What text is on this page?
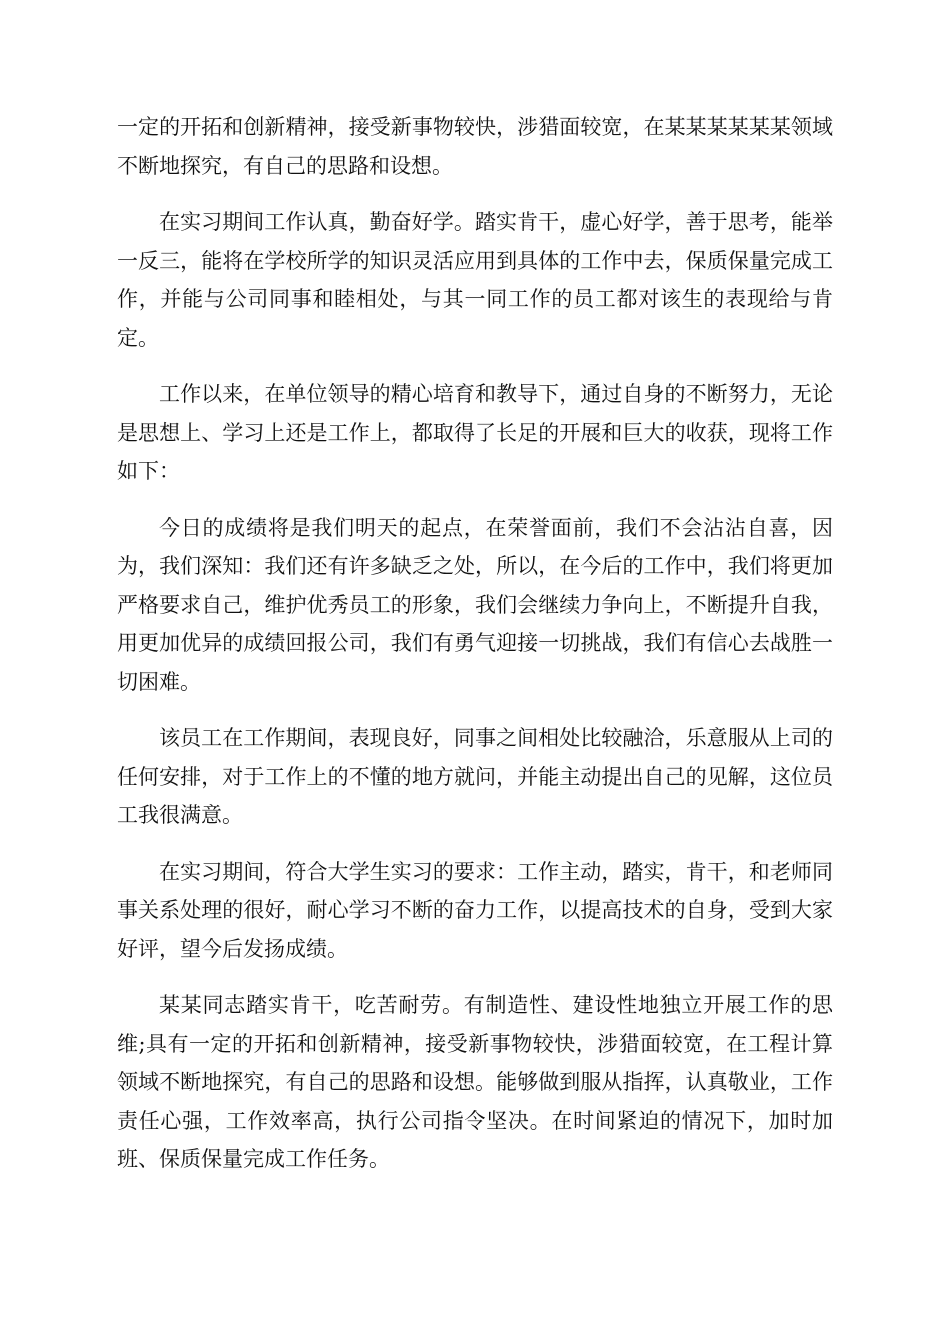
一定的开拓和创新精神，接受新事物较快，涉猎面较宽，在某某某某某某领域不断地探究，有自己的思路和设想。

在实习期间工作认真，勤奋好学。踏实肯干，虚心好学，善于思考，能举一反三，能将在学校所学的知识灵活应用到具体的工作中去，保质保量完成工作，并能与公司同事和睦相处，与其一同工作的员工都对该生的表现给与肯定。

工作以来，在单位领导的精心培育和教导下，通过自身的不断努力，无论是思想上、学习上还是工作上，都取得了长足的开展和巨大的收获，现将工作如下：

今日的成绩将是我们明天的起点，在荣誉面前，我们不会沾沾自喜，因为，我们深知：我们还有许多缺乏之处，所以，在今后的工作中，我们将更加严格要求自己，维护优秀员工的形象，我们会继续力争向上，不断提升自我，用更加优异的成绩回报公司，我们有勇气迎接一切挑战，我们有信心去战胜一切困难。

该员工在工作期间，表现良好，同事之间相处比较融洽，乐意服从上司的任何安排，对于工作上的不懂的地方就问，并能主动提出自己的见解，这位员工我很满意。

在实习期间，符合大学生实习的要求：工作主动，踏实，肯干，和老师同事关系处理的很好，耐心学习不断的奋力工作，以提高技术的自身，受到大家好评，望今后发扬成绩。

某某同志踏实肯干，吃苦耐劳。有制造性、建设性地独立开展工作的思维;具有一定的开拓和创新精神，接受新事物较快，涉猎面较宽，在工程计算领域不断地探究，有自己的思路和设想。能够做到服从指挥，认真敬业，工作责任心强，工作效率高，执行公司指令坚决。在时间紧迫的情况下，加时加班、保质保量完成工作任务。
